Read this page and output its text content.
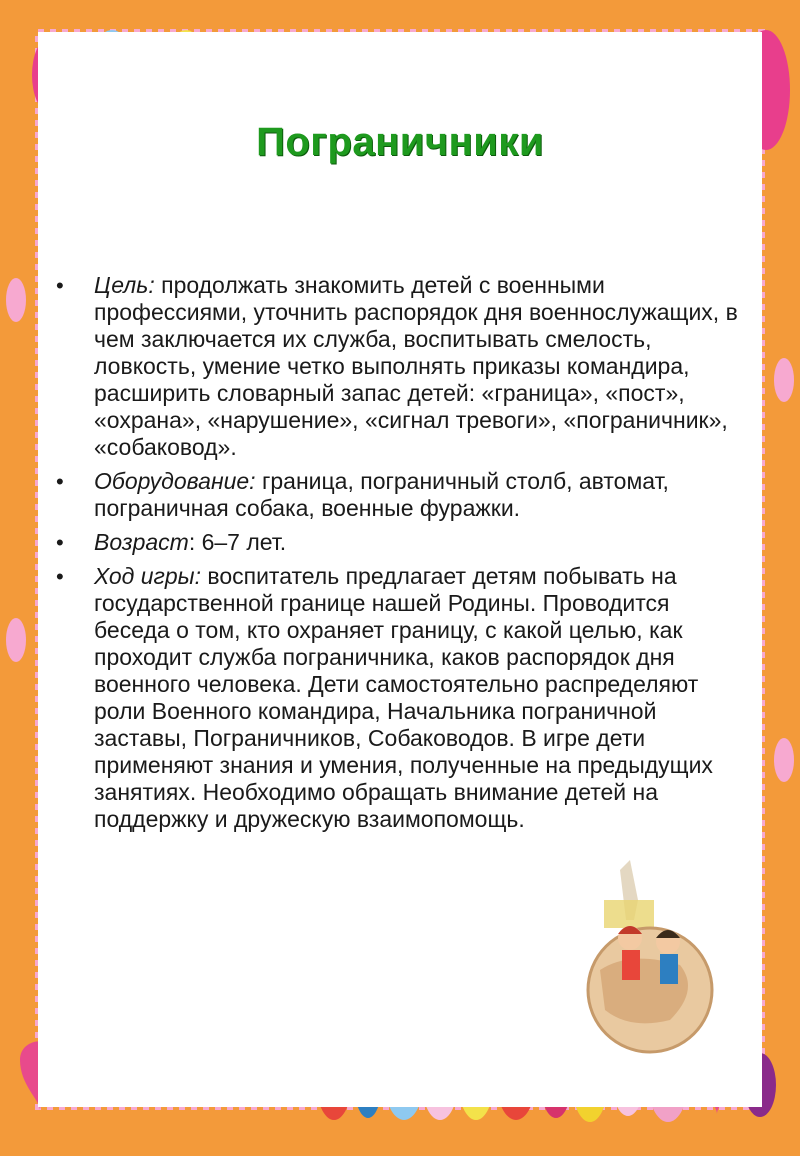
Пограничники
• Цель: продолжать знакомить детей с военными профессиями, уточнить распорядок дня военнослужащих, в чем заключается их служба, воспитывать смелость, ловкость, умение четко выполнять приказы командира, расширить словарный запас детей: «граница», «пост», «охрана», «нарушение», «сигнал тревоги», «пограничник», «собаковод».
• Оборудование: граница, пограничный столб, автомат, пограничная собака, военные фуражки.
• Возраст: 6–7 лет.
• Ход игры: воспитатель предлагает детям побывать на государственной границе нашей Родины. Проводится беседа о том, кто охраняет границу, с какой целью, как проходит служба пограничника, каков распорядок дня военного человека. Дети самостоятельно распределяют роли Военного командира, Начальника пограничной заставы, Пограничников, Собаководов. В игре дети применяют знания и умения, полученные на предыдущих занятиях. Необходимо обращать внимание детей на поддержку и дружескую взаимопомощь.
